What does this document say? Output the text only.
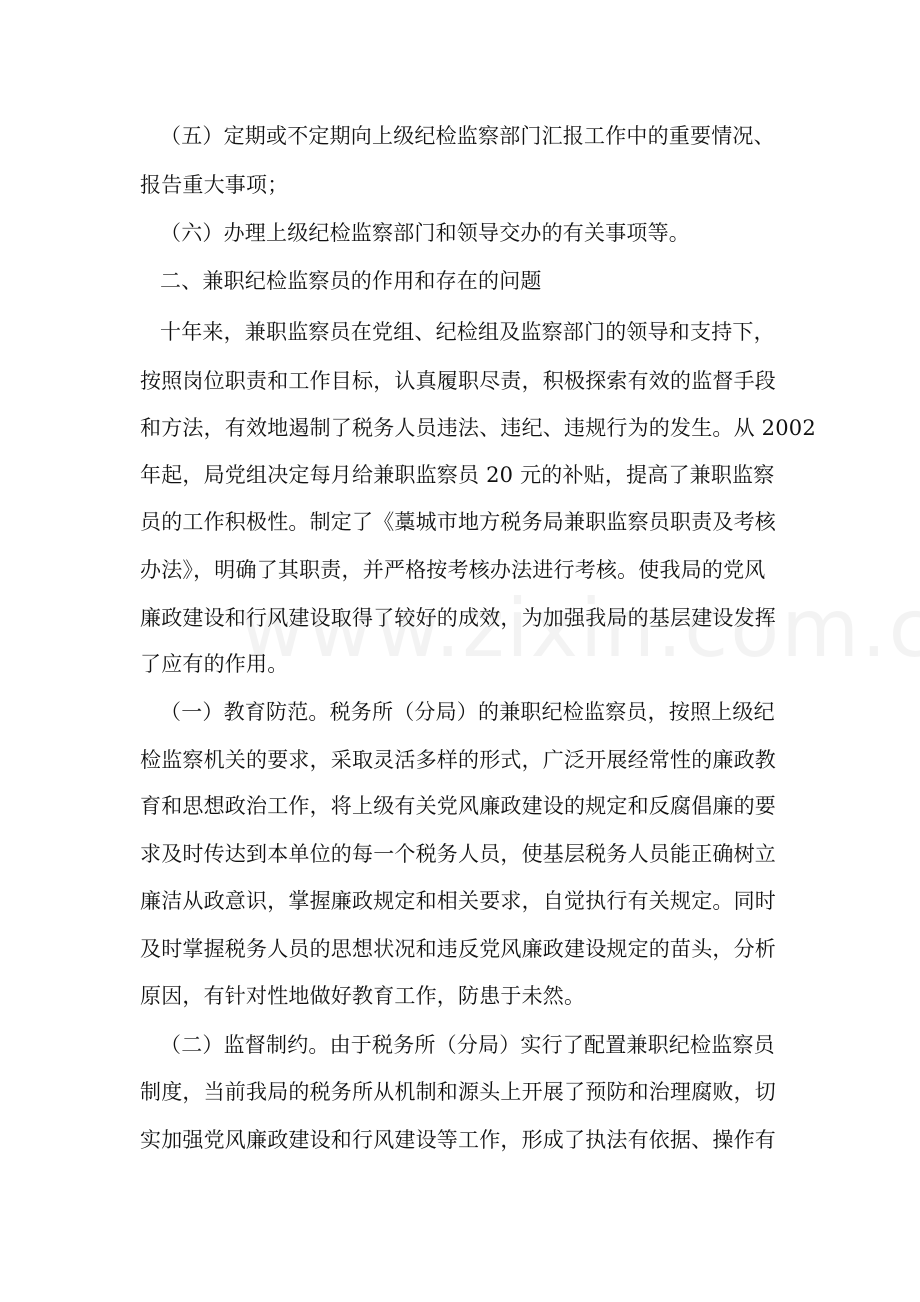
（五）定期或不定期向上级纪检监察部门汇报工作中的重要情况、
报告重大事项；
（六）办理上级纪检监察部门和领导交办的有关事项等。
二、兼职纪检监察员的作用和存在的问题
十年来，兼职监察员在党组、纪检组及监察部门的领导和支持下，
按照岗位职责和工作目标，认真履职尽责，积极探索有效的监督手段
和方法，有效地遏制了税务人员违法、违纪、违规行为的发生。从 2002
年起，局党组决定每月给兼职监察员 20 元的补贴，提高了兼职监察
员的工作积极性。制定了《藁城市地方税务局兼职监察员职责及考核
办法》，明确了其职责，并严格按考核办法进行考核。使我局的党风
廉政建设和行风建设取得了较好的成效，为加强我局的基层建设发挥
了应有的作用。
（一）教育防范。税务所（分局）的兼职纪检监察员，按照上级纪
检监察机关的要求，采取灵活多样的形式，广泛开展经常性的廉政教
育和思想政治工作，将上级有关党风廉政建设的规定和反腐倡廉的要
求及时传达到本单位的每一个税务人员，使基层税务人员能正确树立
廉洁从政意识，掌握廉政规定和相关要求，自觉执行有关规定。同时
及时掌握税务人员的思想状况和违反党风廉政建设规定的苗头，分析
原因，有针对性地做好教育工作，防患于未然。
（二）监督制约。由于税务所（分局）实行了配置兼职纪检监察员
制度，当前我局的税务所从机制和源头上开展了预防和治理腐败，切
实加强党风廉政建设和行风建设等工作，形成了执法有依据、操作有
